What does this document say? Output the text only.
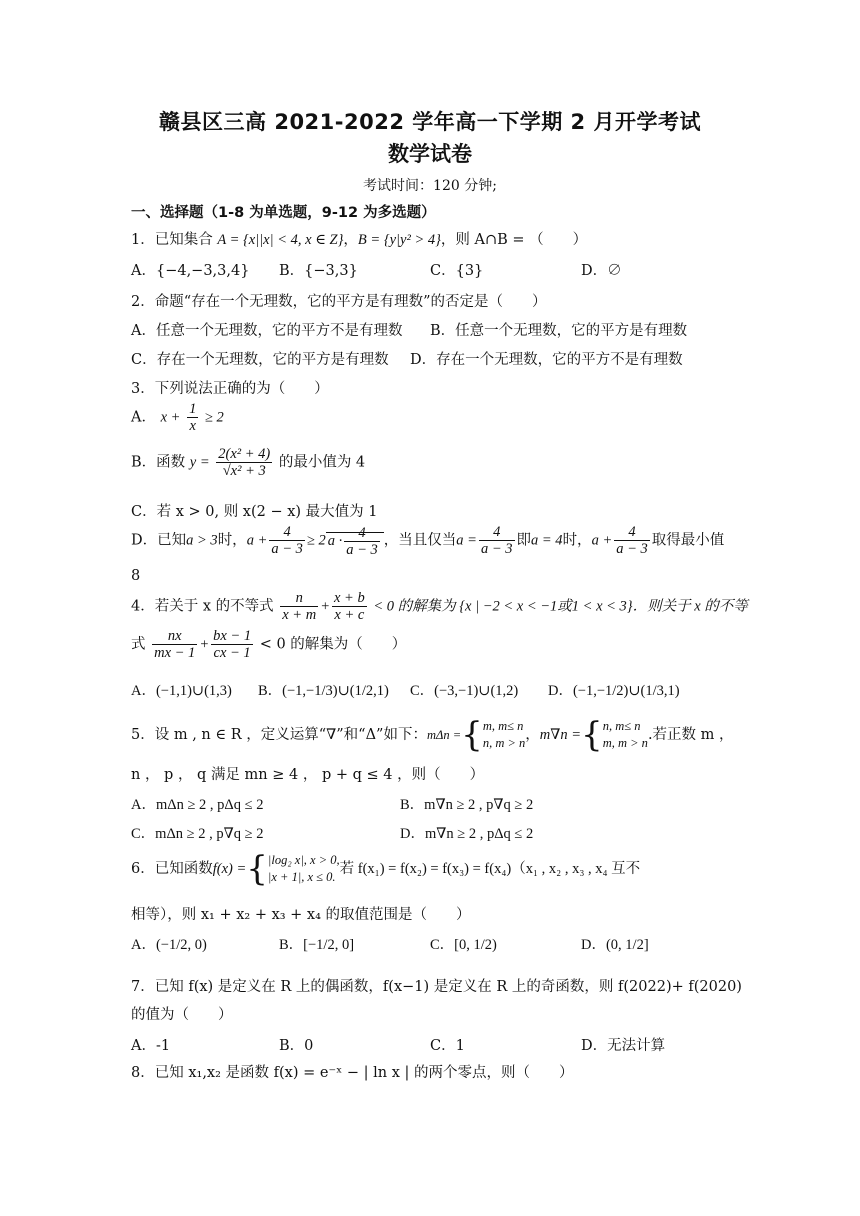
赣县区三高 2021-2022 学年高一下学期 2 月开学考试
数学试卷
考试时间：120 分钟;
一、选择题（1-8 为单选题，9-12 为多选题）
1．已知集合 A = {x||x| < 4, x ∈ Z}，B = {y|y² > 4}，则 A∩B = （　　）
A．{−4,−3,3,4} B．{−3,3}	C．{3}	D．∅
2．命题“存在一个无理数，它的平方是有理数”的否定是（　　）
A．任意一个无理数，它的平方不是有理数 B．任意一个无理数，它的平方是有理数
C．存在一个无理数，它的平方是有理数 D．存在一个无理数，它的平方不是有理数
3．下列说法正确的为（　　）
A． $x + \frac{1}{x} \ge 2$
B．函数 $y = \frac{\text{2(x² + 4)}}{\text{√x² + 3}}$ 的最小值为 4
C．若 x > 0, 则 x(2 − x) 最大值为 1
D．已知a > 3时，$a + \frac{4}{a - 3} \ge 2$ $a \cdot \frac{4}{a - 3}$ ，当且仅当$a = \frac{4}{a - 3}$ 即a = 4时，$a + \frac{4}{a - 3}$ 取得最小值
8
4．若关于 x 的不等式 $\frac{n}{x + m} + \frac{x + b}{x + c} < 0$ 的解集为 {x | −2 < x < −1或1 < x < 3}．则关于 x 的不等
式 $\frac{nx}{mx - 1} + \frac{bx - 1}{cx - 1} < 0$ 的解集为（　　）
A．(−1,1)∪(1,3) B．(−1,−1/3)∪(1/2,1) C．(−3,−1)∪(1,2) D．(−1,−1/2)∪(1/3,1)
5．设 m , n ∈ R ，定义运算“∇”和“Δ”如下：mΔn ={ m, m≤ n
n, m > n ，m∇n ={ n, m≤ n
m, m > n .若正数 m ，
n ， p ， q 满足 mn ≥ 4 ， p + q ≤ 4 ，则（　　）
A．mΔn ≥ 2 , pΔq ≤ 2	B．m∇n ≥ 2 , p∇q ≥ 2
C．mΔn ≥ 2 , p∇q ≥ 2	D．m∇n ≥ 2 , pΔq ≤ 2
6．已知函数f(x) ={ |log₂ x|, x > 0,
|x + 1|, x ≤ 0. 若 f(x₁) = f(x₂) = f(x₃) = f(x₄)（x₁ , x₂ , x₃ , x₄ 互不
相等），则 x₁ + x₂ + x₃ + x₄ 的取值范围是（　　）
A．(−1/2, 0)	B．[−1/2, 0]	C．[0, 1/2)	D．(0, 1/2]
7．已知 f(x) 是定义在 R 上的偶函数，f(x−1) 是定义在 R 上的奇函数，则 f(2022)+ f(2020)
的值为（　　）
A．-1	B．0	C．1	D．无法计算
8．已知 x₁,x₂ 是函数 f(x) = e⁻ˣ − | ln x | 的两个零点，则（　　）
